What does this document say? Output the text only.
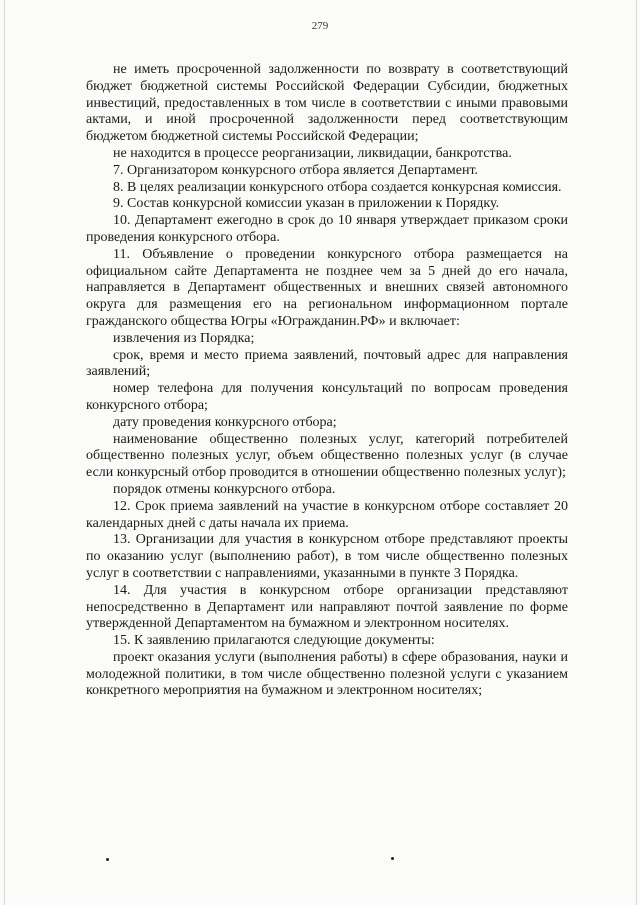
279

не иметь просроченной задолженности по возврату в соответствующий бюджет бюджетной системы Российской Федерации Субсидии, бюджетных инвестиций, предоставленных в том числе в соответствии с иными правовыми актами, и иной просроченной задолженности перед соответствующим бюджетом бюджетной системы Российской Федерации;

не находится в процессе реорганизации, ликвидации, банкротства.

7. Организатором конкурсного отбора является Департамент.

8. В целях реализации конкурсного отбора создается конкурсная комиссия.

9. Состав конкурсной комиссии указан в приложении к Порядку.

10. Департамент ежегодно в срок до 10 января утверждает приказом сроки проведения конкурсного отбора.

11. Объявление о проведении конкурсного отбора размещается на официальном сайте Департамента не позднее чем за 5 дней до его начала, направляется в Департамент общественных и внешних связей автономного округа для размещения его на региональном информационном портале гражданского общества Югры «Югражданин.РФ» и включает:

извлечения из Порядка;

срок, время и место приема заявлений, почтовый адрес для направления заявлений;

номер телефона для получения консультаций по вопросам проведения конкурсного отбора;

дату проведения конкурсного отбора;

наименование общественно полезных услуг, категорий потребителей общественно полезных услуг, объем общественно полезных услуг (в случае если конкурсный отбор проводится в отношении общественно полезных услуг);

порядок отмены конкурсного отбора.

12. Срок приема заявлений на участие в конкурсном отборе составляет 20 календарных дней с даты начала их приема.

13. Организации для участия в конкурсном отборе представляют проекты по оказанию услуг (выполнению работ), в том числе общественно полезных услуг в соответствии с направлениями, указанными в пункте 3 Порядка.

14. Для участия в конкурсном отборе организации представляют непосредственно в Департамент или направляют почтой заявление по форме утвержденной Департаментом на бумажном и электронном носителях.

15. К заявлению прилагаются следующие документы:

проект оказания услуги (выполнения работы) в сфере образования, науки и молодежной политики, в том числе общественно полезной услуги с указанием конкретного мероприятия на бумажном и электронном носителях;
